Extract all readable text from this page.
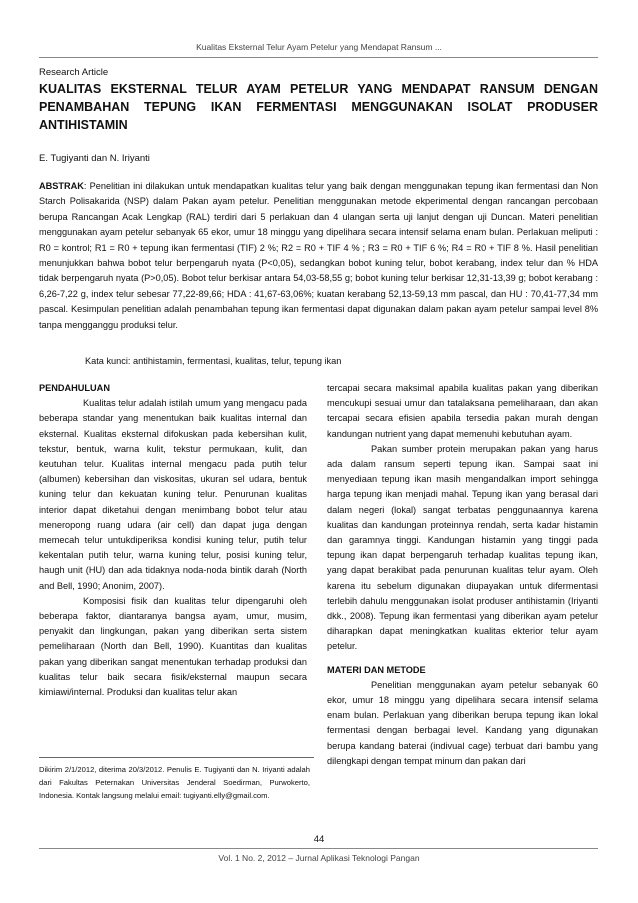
Kualitas Eksternal Telur Ayam Petelur yang Mendapat Ransum ...
Research Article
KUALITAS EKSTERNAL TELUR AYAM PETELUR YANG MENDAPAT RANSUM DENGAN PENAMBAHAN TEPUNG IKAN FERMENTASI MENGGUNAKAN ISOLAT PRODUSER ANTIHISTAMIN
E. Tugiyanti dan N. Iriyanti

ABSTRAK: Penelitian ini dilakukan untuk mendapatkan kualitas telur yang baik dengan menggunakan tepung ikan fermentasi dan Non Starch Polisakarida (NSP) dalam Pakan ayam petelur. Penelitian menggunakan metode ekperimental dengan rancangan percobaan berupa Rancangan Acak Lengkap (RAL) terdiri dari 5 perlakuan dan 4 ulangan serta uji lanjut dengan uji Duncan. Materi penelitian menggunakan ayam petelur sebanyak 65 ekor, umur 18 minggu yang dipelihara secara intensif selama enam bulan. Perlakuan meliputi : R0 = kontrol; R1 = R0 + tepung ikan fermentasi (TIF) 2 %; R2 = R0 + TIF 4 % ; R3 = R0 + TIF 6 %; R4 = R0 + TIF 8 %. Hasil penelitian menunjukkan bahwa bobot telur berpengaruh nyata (P<0,05), sedangkan bobot kuning telur, bobot kerabang, index telur dan % HDA tidak berpengaruh nyata (P>0,05). Bobot telur berkisar antara 54,03-58,55 g; bobot kuning telur berkisar 12,31-13,39 g; bobot kerabang : 6,26-7,22 g, index telur sebesar 77,22-89,66; HDA : 41,67-63,06%; kuatan kerabang 52,13-59,13 mm pascal, dan HU : 70,41-77,34 mm pascal. Kesimpulan penelitian adalah penambahan tepung ikan fermentasi dapat digunakan dalam pakan ayam petelur sampai level 8% tanpa mengganggu produksi telur.

Kata kunci: antihistamin, fermentasi, kualitas, telur, tepung ikan

PENDAHULUAN

Kualitas telur adalah istilah umum yang mengacu pada beberapa standar yang menentukan baik kualitas internal dan eksternal. Kualitas eksternal difokuskan pada kebersihan kulit, tekstur, bentuk, warna kulit, tekstur permukaan, kulit, dan keutuhan telur. Kualitas internal mengacu pada putih telur (albumen) kebersihan dan viskositas, ukuran sel udara, bentuk kuning telur dan kekuatan kuning telur. Penurunan kualitas interior dapat diketahui dengan menimbang bobot telur atau meneropong ruang udara (air cell) dan dapat juga dengan memecah telur untukdiperiksa kondisi kuning telur, putih telur kekentalan putih telur, warna kuning telur, posisi kuning telur, haugh unit (HU) dan ada tidaknya noda-noda bintik darah (North and Bell, 1990; Anonim, 2007).

Komposisi fisik dan kualitas telur dipengaruhi oleh beberapa faktor, diantaranya bangsa ayam, umur, musim, penyakit dan lingkungan, pakan yang diberikan serta sistem pemeliharaan (North dan Bell, 1990). Kuantitas dan kualitas pakan yang diberikan sangat menentukan terhadap produksi dan kualitas telur baik secara fisik/eksternal maupun secara kimiawi/internal. Produksi dan kualitas telur akan

tercapai secara maksimal apabila kualitas pakan yang diberikan mencukupi sesuai umur dan tatalaksana pemeliharaan, dan akan tercapai secara efisien apabila tersedia pakan murah dengan kandungan nutrient yang dapat memenuhi kebutuhan ayam.

Pakan sumber protein merupakan pakan yang harus ada dalam ransum seperti tepung ikan. Sampai saat ini menyediaan tepung ikan masih mengandalkan import sehingga harga tepung ikan menjadi mahal. Tepung ikan yang berasal dari dalam negeri (lokal) sangat terbatas penggunaannya karena kualitas dan kandungan proteinnya rendah, serta kadar histamin dan garamnya tinggi. Kandungan histamin yang tinggi pada tepung ikan dapat berpengaruh terhadap kualitas tepung ikan, yang dapat berakibat pada penurunan kualitas telur ayam. Oleh karena itu sebelum digunakan diupayakan untuk difermentasi terlebih dahulu menggunakan isolat produser antihistamin (Iriyanti dkk., 2008). Tepung ikan fermentasi yang diberikan ayam petelur diharapkan dapat meningkatkan kualitas ekterior telur ayam petelur.

MATERI DAN METODE

Penelitian menggunakan ayam petelur sebanyak 60 ekor, umur 18 minggu yang dipelihara secara intensif selama enam bulan. Perlakuan yang diberikan berupa tepung ikan lokal fermentasi dengan berbagai level. Kandang yang digunakan berupa kandang baterai (indivual cage) terbuat dari bambu yang dilengkapi dengan tempat minum dan pakan dari

Dikirim 2/1/2012, diterima 20/3/2012. Penulis E. Tugiyanti dan N. Iriyanti adalah dari Fakultas Peternakan Universitas Jenderal Soedirman, Purwokerto, Indonesia. Kontak langsung melalui email: tugiyanti.elly@gmail.com.

44
Vol. 1 No. 2, 2012 – Jurnal Aplikasi Teknologi Pangan
